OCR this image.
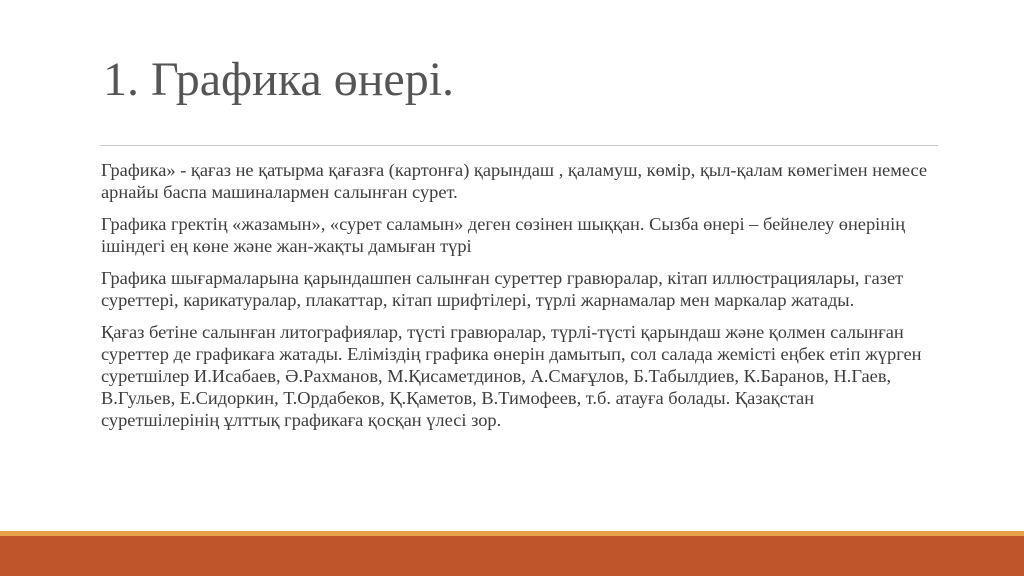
1. Графика өнері.

Графика» - қағаз не қатырма қағазға (картонға) қарындаш , қаламуш, көмір, қыл-қалам көмегімен немесе арнайы баспа машиналармен салынған сурет.

Графика гректің «жазамын», «сурет саламын» деген сөзінен шыққан. Сызба өнері – бейнелеу өнерінің ішіндегі ең көне және жан-жақты дамыған түрі

Графика шығармаларына қарындашпен салынған суреттер гравюралар, кітап иллюстрациялары, газет суреттері, карикатуралар, плакаттар, кітап шрифтілері, түрлі жарнамалар мен маркалар жатады.

Қағаз бетіне салынған литографиялар, түсті гравюралар, түрлі-түсті қарындаш және қолмен салынған суреттер де графикаға жатады. Еліміздің графика өнерін дамытып, сол салада жемісті еңбек етіп жүрген суретшілер И.Исабаев, Ә.Рахманов, М.Қисаметдинов, А.Смағұлов, Б.Табылдиев, К.Баранов, Н.Гаев, В.Гульев, Е.Сидоркин, Т.Ордабеков, Қ.Қаметов, В.Тимофеев, т.б. атауға болады. Қазақстан суретшілерінің ұлттық графикаға қосқан үлесі зор.
